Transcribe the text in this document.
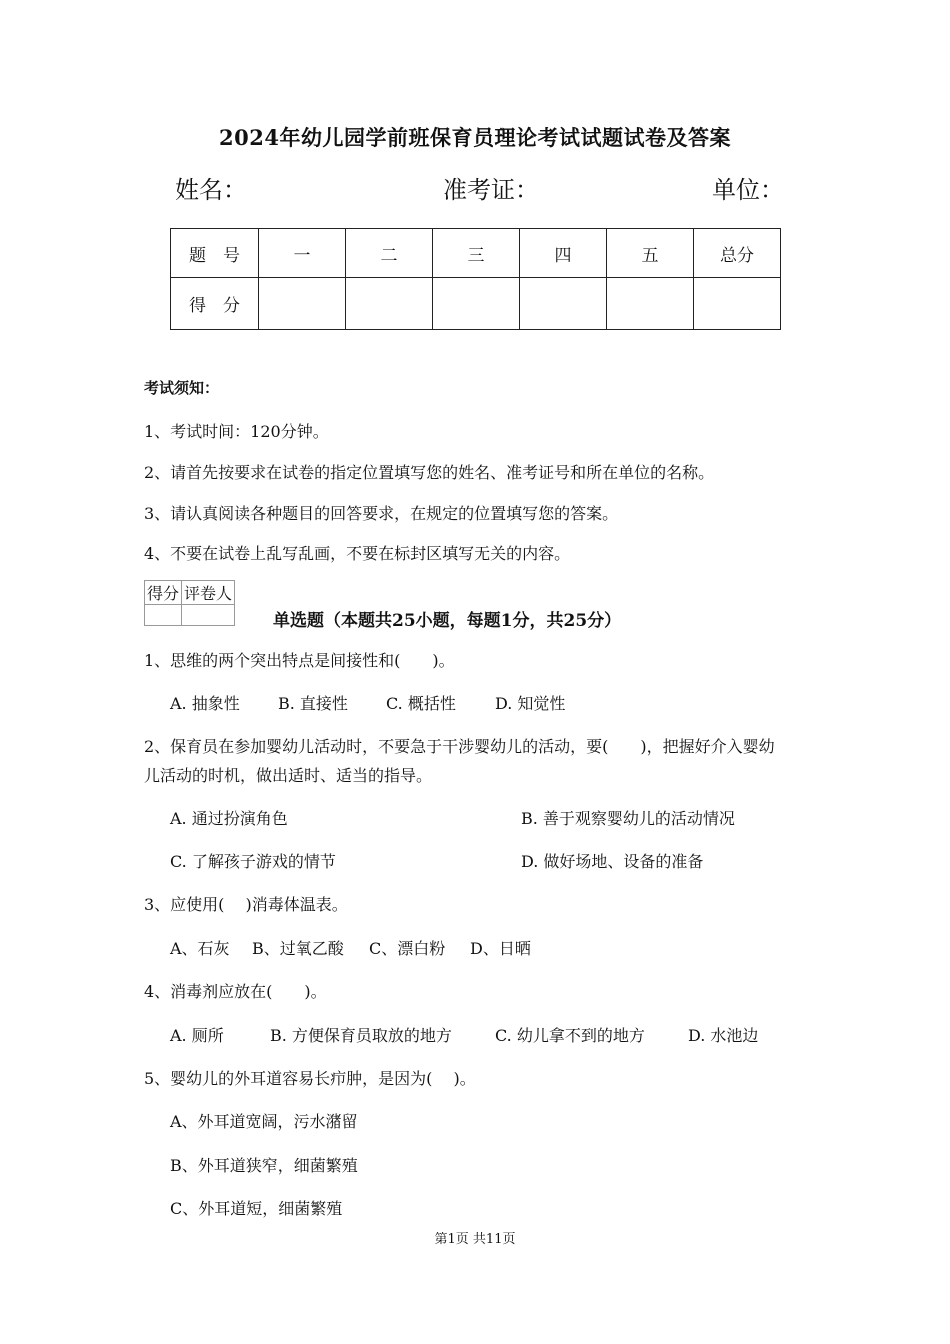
2024年幼儿园学前班保育员理论考试试题试卷及答案
姓名：	准考证：	单位：
题　号	一	二	三	四	五	总分
得　分						
考试须知：
1、考试时间：120分钟。
2、请首先按要求在试卷的指定位置填写您的姓名、准考证号和所在单位的名称。
3、请认真阅读各种题目的回答要求，在规定的位置填写您的答案。
4、不要在试卷上乱写乱画，不要在标封区填写无关的内容。
得分	评卷人

单选题（本题共25小题，每题1分，共25分）
1、思维的两个突出特点是间接性和(　　)。
A. 抽象性 B. 直接性 C. 概括性 D. 知觉性
2、保育员在参加婴幼儿活动时，不要急于干涉婴幼儿的活动，要(　　)，把握好介入婴幼
儿活动的时机，做出适时、适当的指导。
A. 通过扮演角色	B. 善于观察婴幼儿的活动情况
C. 了解孩子游戏的情节	D. 做好场地、设备的准备
3、应使用(　 )消毒体温表。
A、石灰 B、过氧乙酸 C、漂白粉 D、日晒
4、消毒剂应放在(　　)。
A. 厕所	B. 方便保育员取放的地方	C. 幼儿拿不到的地方	D. 水池边
5、婴幼儿的外耳道容易长疖肿，是因为(　 )。
A、外耳道宽阔，污水潴留
B、外耳道狭窄，细菌繁殖
C、外耳道短，细菌繁殖
第1页 共11页
